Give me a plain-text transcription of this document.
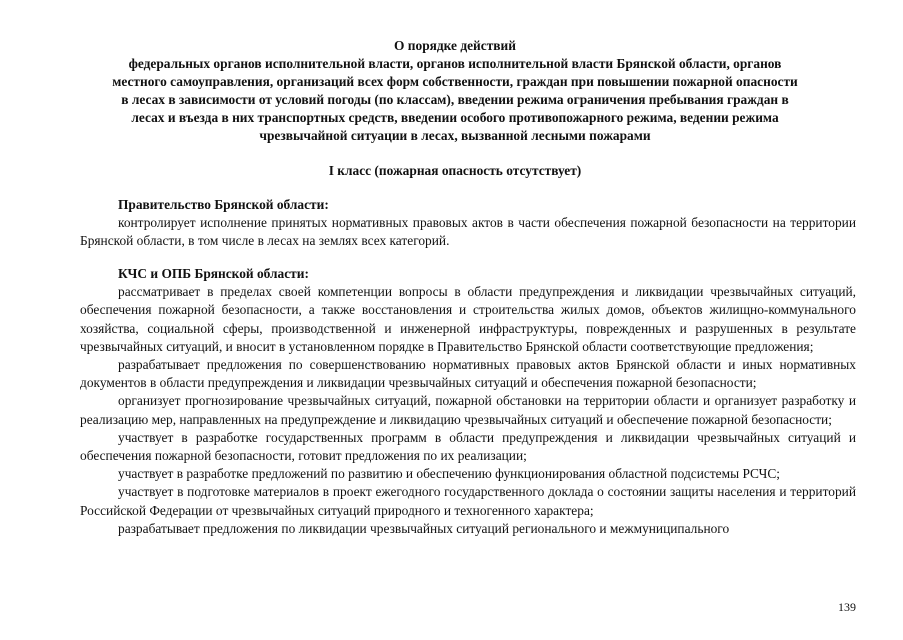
О порядке действий
федеральных органов исполнительной власти, органов исполнительной власти Брянской области, органов
местного самоуправления, организаций всех форм собственности, граждан при повышении пожарной опасности
в лесах в зависимости от условий погоды (по классам), введении режима ограничения пребывания граждан в
лесах и въезда в них транспортных средств, введении особого противопожарного режима, ведении режима
чрезвычайной ситуации в лесах, вызванной лесными пожарами
I класс (пожарная опасность отсутствует)
Правительство Брянской области:

контролирует исполнение принятых нормативных правовых актов в части обеспечения пожарной безопасности на территории Брянской области, в том числе в лесах на землях всех категорий.

КЧС и ОПБ Брянской области:

рассматривает в пределах своей компетенции вопросы в области предупреждения и ликвидации чрезвычайных ситуаций, обеспечения пожарной безопасности, а также восстановления и строительства жилых домов, объектов жилищно-коммунального хозяйства, социальной сферы, производственной и инженерной инфраструктуры, поврежденных и разрушенных в результате чрезвычайных ситуаций, и вносит в установленном порядке в Правительство Брянской области соответствующие предложения;

разрабатывает предложения по совершенствованию нормативных правовых актов Брянской области и иных нормативных документов в области предупреждения и ликвидации чрезвычайных ситуаций и обеспечения пожарной безопасности;

организует прогнозирование чрезвычайных ситуаций, пожарной обстановки на территории области и организует разработку и реализацию мер, направленных на предупреждение и ликвидацию чрезвычайных ситуаций и обеспечение пожарной безопасности;

участвует в разработке государственных программ в области предупреждения и ликвидации чрезвычайных ситуаций и обеспечения пожарной безопасности, готовит предложения по их реализации;

участвует в разработке предложений по развитию и обеспечению функционирования областной подсистемы РСЧС;

участвует в подготовке материалов в проект ежегодного государственного доклада о состоянии защиты населения и территорий Российской Федерации от чрезвычайных ситуаций природного и техногенного характера;

разрабатывает предложения по ликвидации чрезвычайных ситуаций регионального и межмуниципального

139
